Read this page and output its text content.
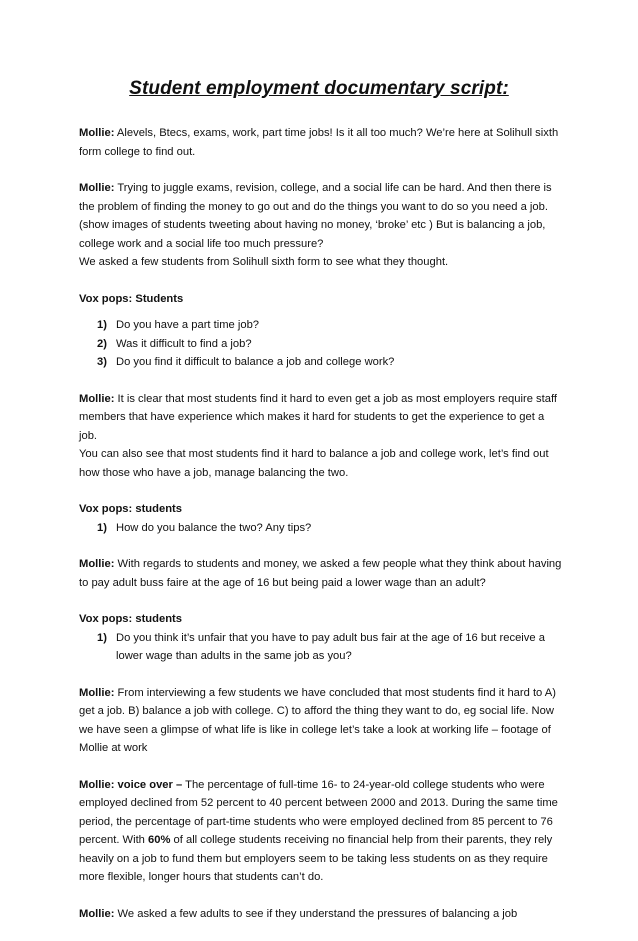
Student employment documentary script:

Mollie: Alevels, Btecs, exams, work, part time jobs! Is it all too much? We’re here at Solihull sixth form college to find out.

Mollie: Trying to juggle exams, revision, college, and a social life can be hard. And then there is the problem of finding the money to go out and do the things you want to do so you need a job. (show images of students tweeting about having no money, ‘broke’ etc ) But is balancing a job, college work and a social life too much pressure?
We asked a few students from Solihull sixth form to see what they thought.

Vox pops: Students
1) Do you have a part time job?
2) Was it difficult to find a job?
3) Do you find it difficult to balance a job and college work?

Mollie: It is clear that most students find it hard to even get a job as most employers require staff members that have experience which makes it hard for students to get the experience to get a job.
You can also see that most students find it hard to balance a job and college work, let’s find out how those who have a job, manage balancing the two.

Vox pops: students
1) How do you balance the two? Any tips?

Mollie: With regards to students and money, we asked a few people what they think about having to pay adult buss faire at the age of 16 but being paid a lower wage than an adult?

Vox pops: students
1) Do you think it’s unfair that you have to pay adult bus fair at the age of 16 but receive a lower wage than adults in the same job as you?

Mollie: From interviewing a few students we have concluded that most students find it hard to A) get a job. B) balance a job with college. C) to afford the thing they want to do, eg social life. Now we have seen a glimpse of what life is like in college let’s take a look at working life – footage of Mollie at work

Mollie: voice over – The percentage of full-time 16- to 24-year-old college students who were employed declined from 52 percent to 40 percent between 2000 and 2013. During the same time period, the percentage of part-time students who were employed declined from 85 percent to 76 percent. With 60% of all college students receiving no financial help from their parents, they rely heavily on a job to fund them but employers seem to be taking less students on as they require more flexible, longer hours that students can’t do.

Mollie: We asked a few adults to see if they understand the pressures of balancing a job
